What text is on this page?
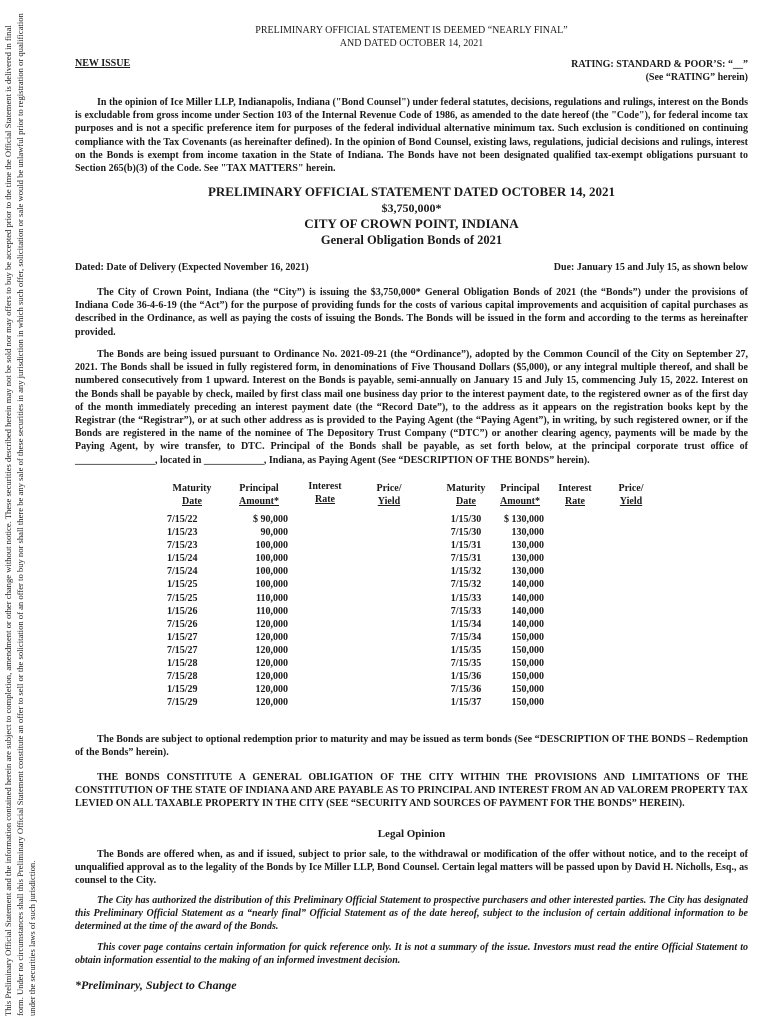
This Preliminary Official Statement and the information contained herein are subject to completion, amendment or other change without notice. These securities described herein may not be sold nor may offers to buy be accepted prior to the time the Official Statement is delivered in final form. Under no circumstances shall this Preliminary Official Statement constitute an offer to sell or the solicitation of an offer to buy nor shall there be any sale of these securities in any jurisdiction in which such offer, solicitation or sale would be unlawful prior to registration or qualification under the securities laws of such jurisdiction.
PRELIMINARY OFFICIAL STATEMENT IS DEEMED “NEARLY FINAL”
AND DATED OCTOBER 14, 2021
NEW ISSUE	RATING: STANDARD & POOR’S: “__”
(See “RATING” herein)
In the opinion of Ice Miller LLP, Indianapolis, Indiana ("Bond Counsel") under federal statutes, decisions, regulations and rulings, interest on the Bonds is excludable from gross income under Section 103 of the Internal Revenue Code of 1986, as amended to the date hereof (the "Code"), for federal income tax purposes and is not a specific preference item for purposes of the federal individual alternative minimum tax. Such exclusion is conditioned on continuing compliance with the Tax Covenants (as hereinafter defined). In the opinion of Bond Counsel, existing laws, regulations, judicial decisions and rulings, interest on the Bonds is exempt from income taxation in the State of Indiana. The Bonds have not been designated qualified tax-exempt obligations pursuant to Section 265(b)(3) of the Code. See "TAX MATTERS" herein.
PRELIMINARY OFFICIAL STATEMENT DATED OCTOBER 14, 2021
$3,750,000*
CITY OF CROWN POINT, INDIANA
General Obligation Bonds of 2021
Dated: Date of Delivery (Expected November 16, 2021)	Due: January 15 and July 15, as shown below
The City of Crown Point, Indiana (the “City”) is issuing the $3,750,000* General Obligation Bonds of 2021 (the “Bonds”) under the provisions of Indiana Code 36-4-6-19 (the “Act”) for the purpose of providing funds for the costs of various capital improvements and acquisition of capital purchases as described in the Ordinance, as well as paying the costs of issuing the Bonds. The Bonds will be issued in the form and according to the terms as hereinafter provided.
The Bonds are being issued pursuant to Ordinance No. 2021-09-21 (the “Ordinance”), adopted by the Common Council of the City on September 27, 2021. The Bonds shall be issued in fully registered form, in denominations of Five Thousand Dollars ($5,000), or any integral multiple thereof, and shall be numbered consecutively from 1 upward. Interest on the Bonds is payable, semi-annually on January 15 and July 15, commencing July 15, 2022. Interest on the Bonds shall be payable by check, mailed by first class mail one business day prior to the interest payment date, to the registered owner as of the first day of the month immediately preceding an interest payment date (the “Record Date”), to the address as it appears on the registration books kept by the Registrar (the “Registrar”), or at such other address as is provided to the Paying Agent (the “Paying Agent”), in writing, by such registered owner, or if the Bonds are registered in the name of the nominee of The Depository Trust Company (“DTC”) or another clearing agency, payments will be made by the Paying Agent, by wire transfer, to DTC. Principal of the Bonds shall be payable, as set forth below, at the principal corporate trust office of ________________, located in ____________, Indiana, as Paying Agent (See “DESCRIPTION OF THE BONDS” herein).
Maturity
Date
7/15/22
1/15/23
7/15/23
1/15/24
7/15/24
1/15/25
7/15/25
1/15/26
7/15/26
1/15/27
7/15/27
1/15/28
7/15/28
1/15/29
7/15/29
Principal
Amount*
$ 90,000
90,000
100,000
100,000
100,000
100,000
110,000
110,000
120,000
120,000
120,000
120,000
120,000
120,000
120,000
Interest
Rate
Price/
Yield
Maturity
Date
1/15/30
7/15/30
1/15/31
7/15/31
1/15/32
7/15/32
1/15/33
7/15/33
1/15/34
7/15/34
1/15/35
7/15/35
1/15/36
7/15/36
1/15/37
Principal
Amount*
$ 130,000
130,000
130,000
130,000
130,000
140,000
140,000
140,000
140,000
150,000
150,000
150,000
150,000
150,000
150,000
Interest
Rate
Price/
Yield
The Bonds are subject to optional redemption prior to maturity and may be issued as term bonds (See “DESCRIPTION OF THE BONDS – Redemption of the Bonds” herein).
THE BONDS CONSTITUTE A GENERAL OBLIGATION OF THE CITY WITHIN THE PROVISIONS AND LIMITATIONS OF THE CONSTITUTION OF THE STATE OF INDIANA AND ARE PAYABLE AS TO PRINCIPAL AND INTEREST FROM AN AD VALOREM PROPERTY TAX LEVIED ON ALL TAXABLE PROPERTY IN THE CITY (SEE “SECURITY AND SOURCES OF PAYMENT FOR THE BONDS” HEREIN).
Legal Opinion
The Bonds are offered when, as and if issued, subject to prior sale, to the withdrawal or modification of the offer without notice, and to the receipt of unqualified approval as to the legality of the Bonds by Ice Miller LLP, Bond Counsel. Certain legal matters will be passed upon by David H. Nicholls, Esq., as counsel to the City.
The City has authorized the distribution of this Preliminary Official Statement to prospective purchasers and other interested parties. The City has designated this Preliminary Official Statement as a “nearly final” Official Statement as of the date hereof, subject to the inclusion of certain additional information to be determined at the time of the award of the Bonds.
This cover page contains certain information for quick reference only. It is not a summary of the issue. Investors must read the entire Official Statement to obtain information essential to the making of an informed investment decision.
*Preliminary, Subject to Change
